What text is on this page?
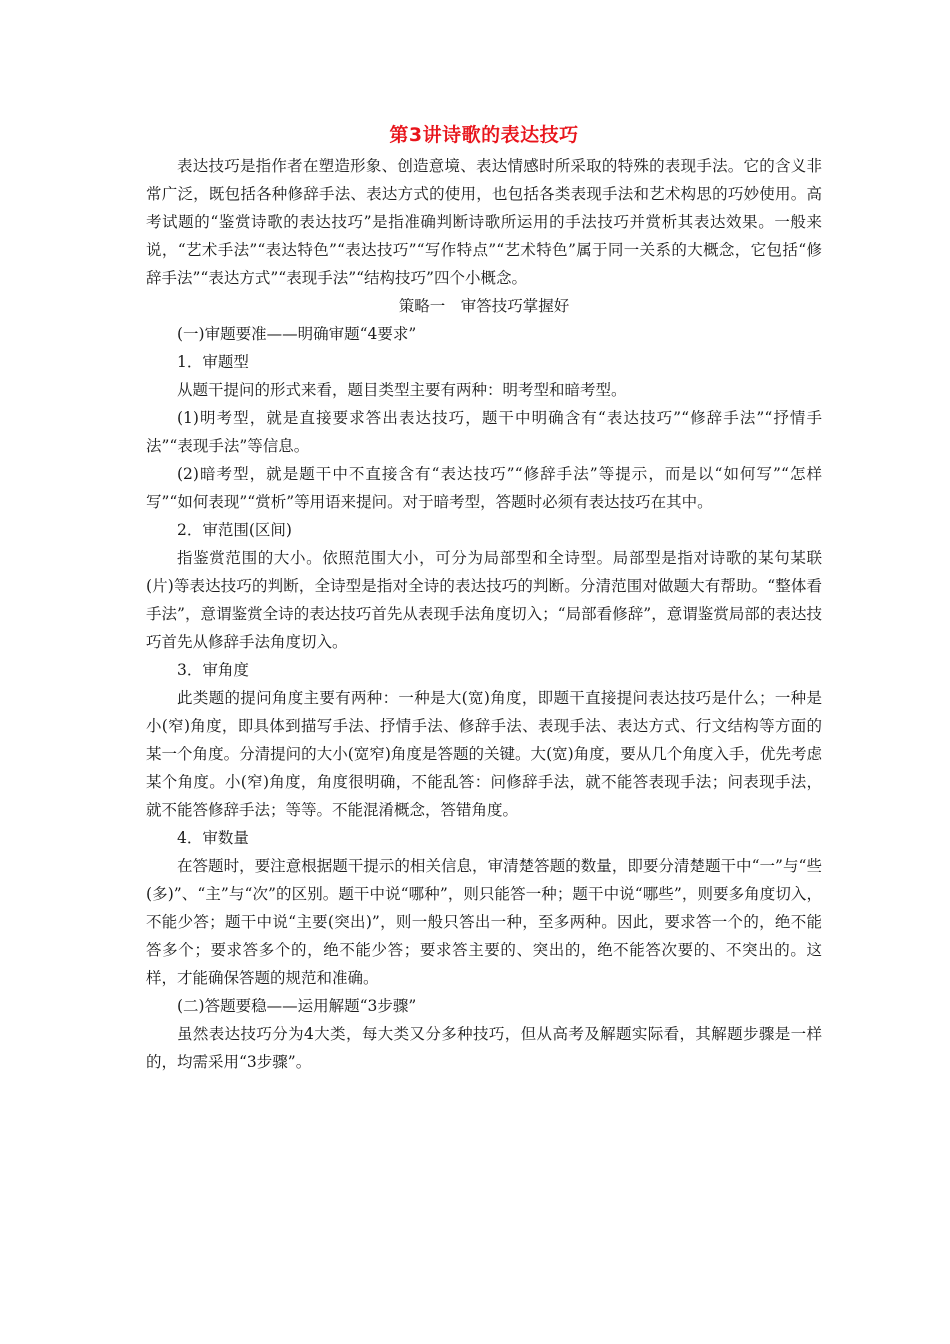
第3讲诗歌的表达技巧

表达技巧是指作者在塑造形象、创造意境、表达情感时所采取的特殊的表现手法。它的含义非常广泛，既包括各种修辞手法、表达方式的使用，也包括各类表现手法和艺术构思的巧妙使用。高考试题的“鉴赏诗歌的表达技巧”是指准确判断诗歌所运用的手法技巧并赏析其表达效果。一般来说，“艺术手法”“表达特色”“表达技巧”“写作特点”“艺术特色”属于同一关系的大概念，它包括“修辞手法”“表达方式”“表现手法”“结构技巧”四个小概念。

策略一　审答技巧掌握好

(一)审题要准——明确审题“4要求”

1．审题型

从题干提问的形式来看，题目类型主要有两种：明考型和暗考型。

(1)明考型，就是直接要求答出表达技巧，题干中明确含有“表达技巧”“修辞手法”“抒情手法”“表现手法”等信息。

(2)暗考型，就是题干中不直接含有“表达技巧”“修辞手法”等提示，而是以“如何写”“怎样写”“如何表现”“赏析”等用语来提问。对于暗考型，答题时必须有表达技巧在其中。

2．审范围(区间)

指鉴赏范围的大小。依照范围大小，可分为局部型和全诗型。局部型是指对诗歌的某句某联(片)等表达技巧的判断，全诗型是指对全诗的表达技巧的判断。分清范围对做题大有帮助。“整体看手法”，意谓鉴赏全诗的表达技巧首先从表现手法角度切入；“局部看修辞”，意谓鉴赏局部的表达技巧首先从修辞手法角度切入。

3．审角度

此类题的提问角度主要有两种：一种是大(宽)角度，即题干直接提问表达技巧是什么；一种是小(窄)角度，即具体到描写手法、抒情手法、修辞手法、表现手法、表达方式、行文结构等方面的某一个角度。分清提问的大小(宽窄)角度是答题的关键。大(宽)角度，要从几个角度入手，优先考虑某个角度。小(窄)角度，角度很明确，不能乱答：问修辞手法，就不能答表现手法；问表现手法，就不能答修辞手法；等等。不能混淆概念，答错角度。

4．审数量

在答题时，要注意根据题干提示的相关信息，审清楚答题的数量，即要分清楚题干中“一”与“些(多)”、“主”与“次”的区别。题干中说“哪种”，则只能答一种；题干中说“哪些”，则要多角度切入，不能少答；题干中说“主要(突出)”，则一般只答出一种，至多两种。因此，要求答一个的，绝不能答多个；要求答多个的，绝不能少答；要求答主要的、突出的，绝不能答次要的、不突出的。这样，才能确保答题的规范和准确。

(二)答题要稳——运用解题“3步骤”

虽然表达技巧分为4大类，每大类又分多种技巧，但从高考及解题实际看，其解题步骤是一样的，均需采用“3步骤”。
